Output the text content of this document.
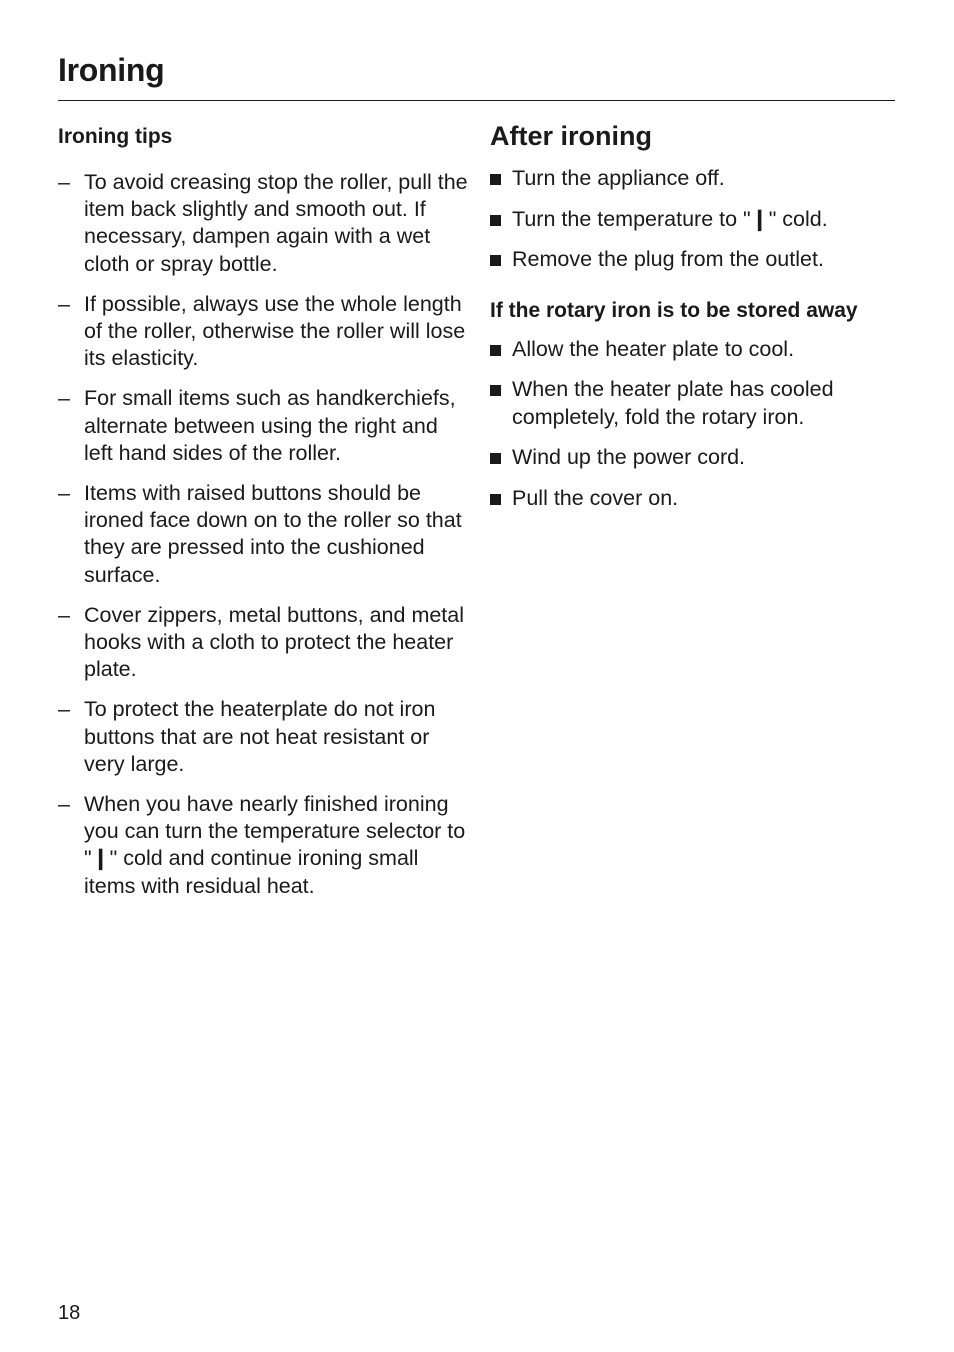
Ironing
Ironing tips
– To avoid creasing stop the roller, pull the item back slightly and smooth out. If necessary, dampen again with a wet cloth or spray bottle.
– If possible, always use the whole length of the roller, otherwise the roller will lose its elasticity.
– For small items such as handkerchiefs, alternate between using the right and left hand sides of the roller.
– Items with raised buttons should be ironed face down on to the roller so that they are pressed into the cushioned surface.
– Cover zippers, metal buttons, and metal hooks with a cloth to protect the heater plate.
– To protect the heaterplate do not iron buttons that are not heat resistant or very large.
– When you have nearly finished ironing you can turn the temperature selector to "❙" cold and continue ironing small items with residual heat.
After ironing
Turn the appliance off.
Turn the temperature to "❙" cold.
Remove the plug from the outlet.
If the rotary iron is to be stored away
Allow the heater plate to cool.
When the heater plate has cooled completely, fold the rotary iron.
Wind up the power cord.
Pull the cover on.
18
